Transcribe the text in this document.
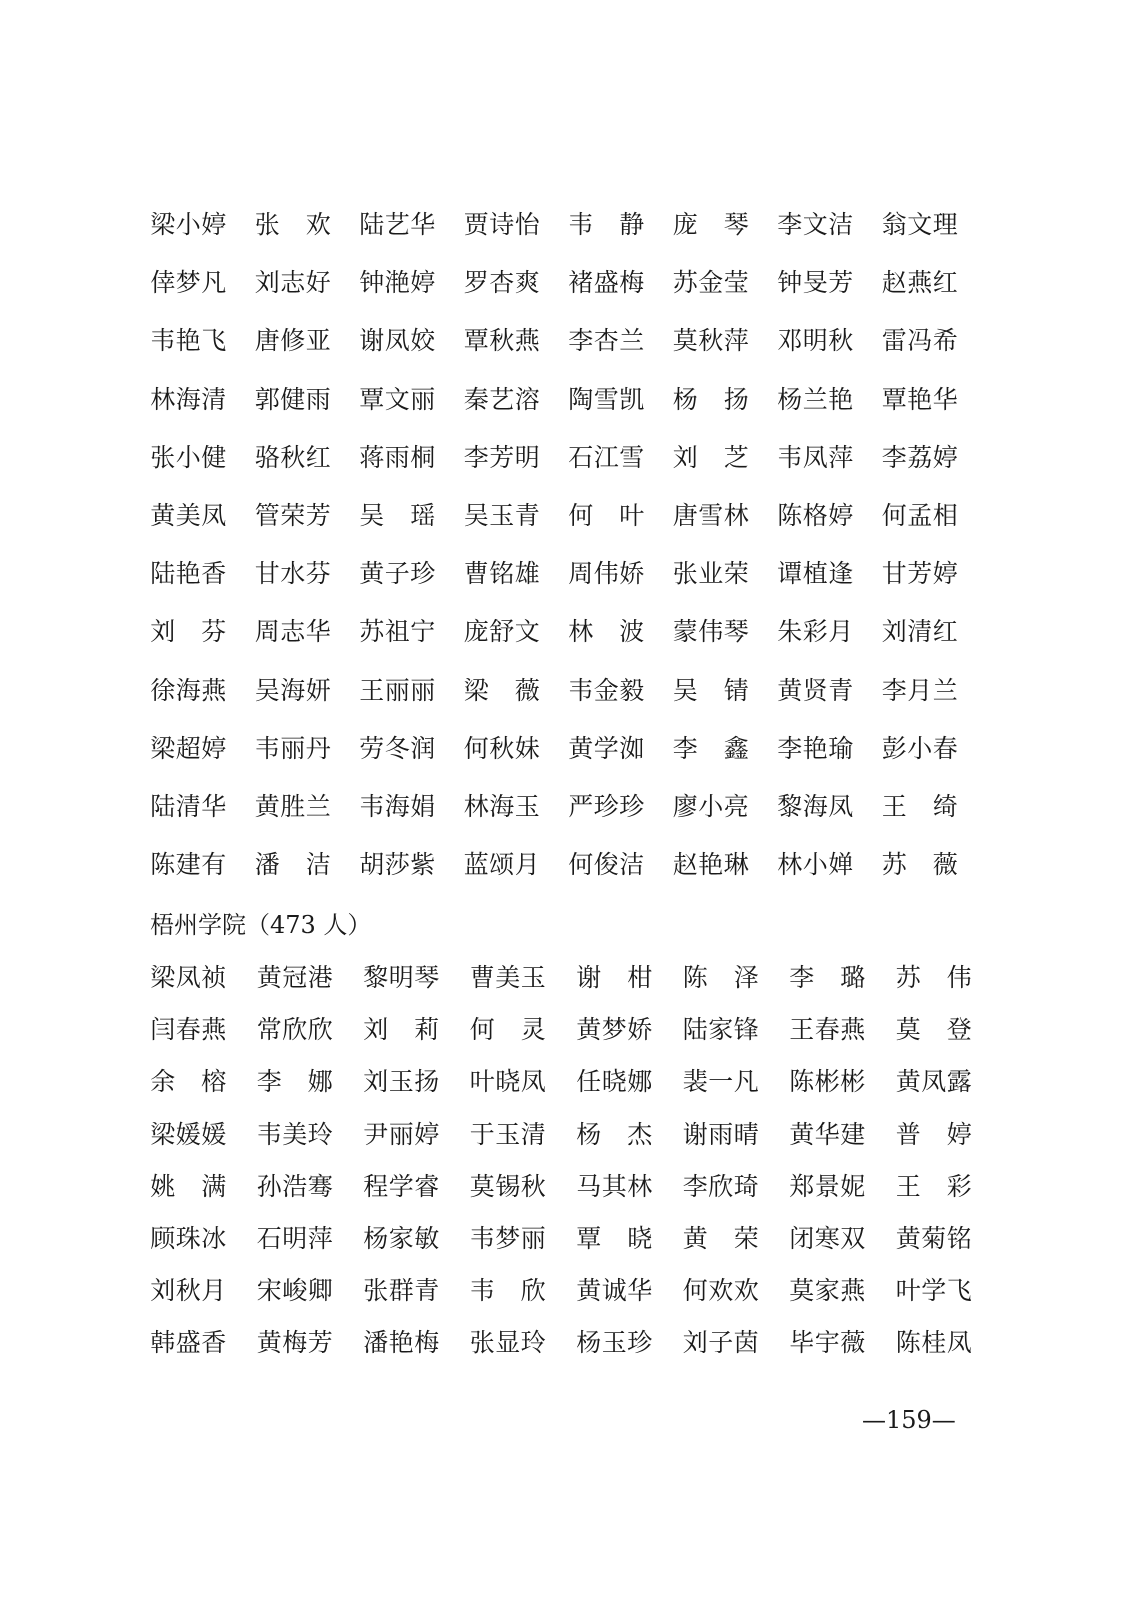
梁小婷	张 欢	陆艺华	贾诗怡	韦 静	庞 琴	李文洁	翁文理
倖梦凡	刘志好	钟滟婷	罗杏爽	褚盛梅	苏金莹	钟旻芳	赵燕红
韦艳飞	唐修亚	谢凤姣	覃秋燕	李杏兰	莫秋萍	邓明秋	雷冯希
林海清	郭健雨	覃文丽	秦艺溶	陶雪凯	杨 扬	杨兰艳	覃艳华
张小健	骆秋红	蒋雨桐	李芳明	石江雪	刘 芝	韦凤萍	李荔婷
黄美凤	管荣芳	吴 瑶	吴玉青	何 叶	唐雪林	陈格婷	何孟相
陆艳香	甘水芬	黄子珍	曹铭雄	周伟娇	张业荣	谭植逢	甘芳婷
刘 芬	周志华	苏祖宁	庞舒文	林 波	蒙伟琴	朱彩月	刘清红
徐海燕	吴海妍	王丽丽	梁 薇	韦金毅	吴 锖	黄贤青	李月兰
梁超婷	韦丽丹	劳冬润	何秋妹	黄学洳	李 鑫	李艳瑜	彭小春
陆清华	黄胜兰	韦海娟	林海玉	严珍珍	廖小亮	黎海凤	王 绮
陈建有	潘 洁	胡莎紫	蓝颂月	何俊洁	赵艳琳	林小婵	苏 薇
梧州学院（473 人）
梁凤祯	黄冠港	黎明琴	曹美玉	谢 柑	陈 泽	李 璐	苏 伟
闫春燕	常欣欣	刘 莉	何 灵	黄梦娇	陆家锋	王春燕	莫 登
余 榕	李 娜	刘玉扬	叶晓凤	任晓娜	裴一凡	陈彬彬	黄凤露
梁媛媛	韦美玲	尹丽婷	于玉清	杨 杰	谢雨晴	黄华建	普 婷
姚 满	孙浩骞	程学睿	莫锡秋	马其林	李欣琦	郑景妮	王 彩
顾珠冰	石明萍	杨家敏	韦梦丽	覃 晓	黄 荣	闭寒双	黄菊铭
刘秋月	宋峻卿	张群青	韦 欣	黄诚华	何欢欢	莫家燕	叶学飞
韩盛香	黄梅芳	潘艳梅	张显玲	杨玉珍	刘子茵	毕宇薇	陈桂凤
—159—
